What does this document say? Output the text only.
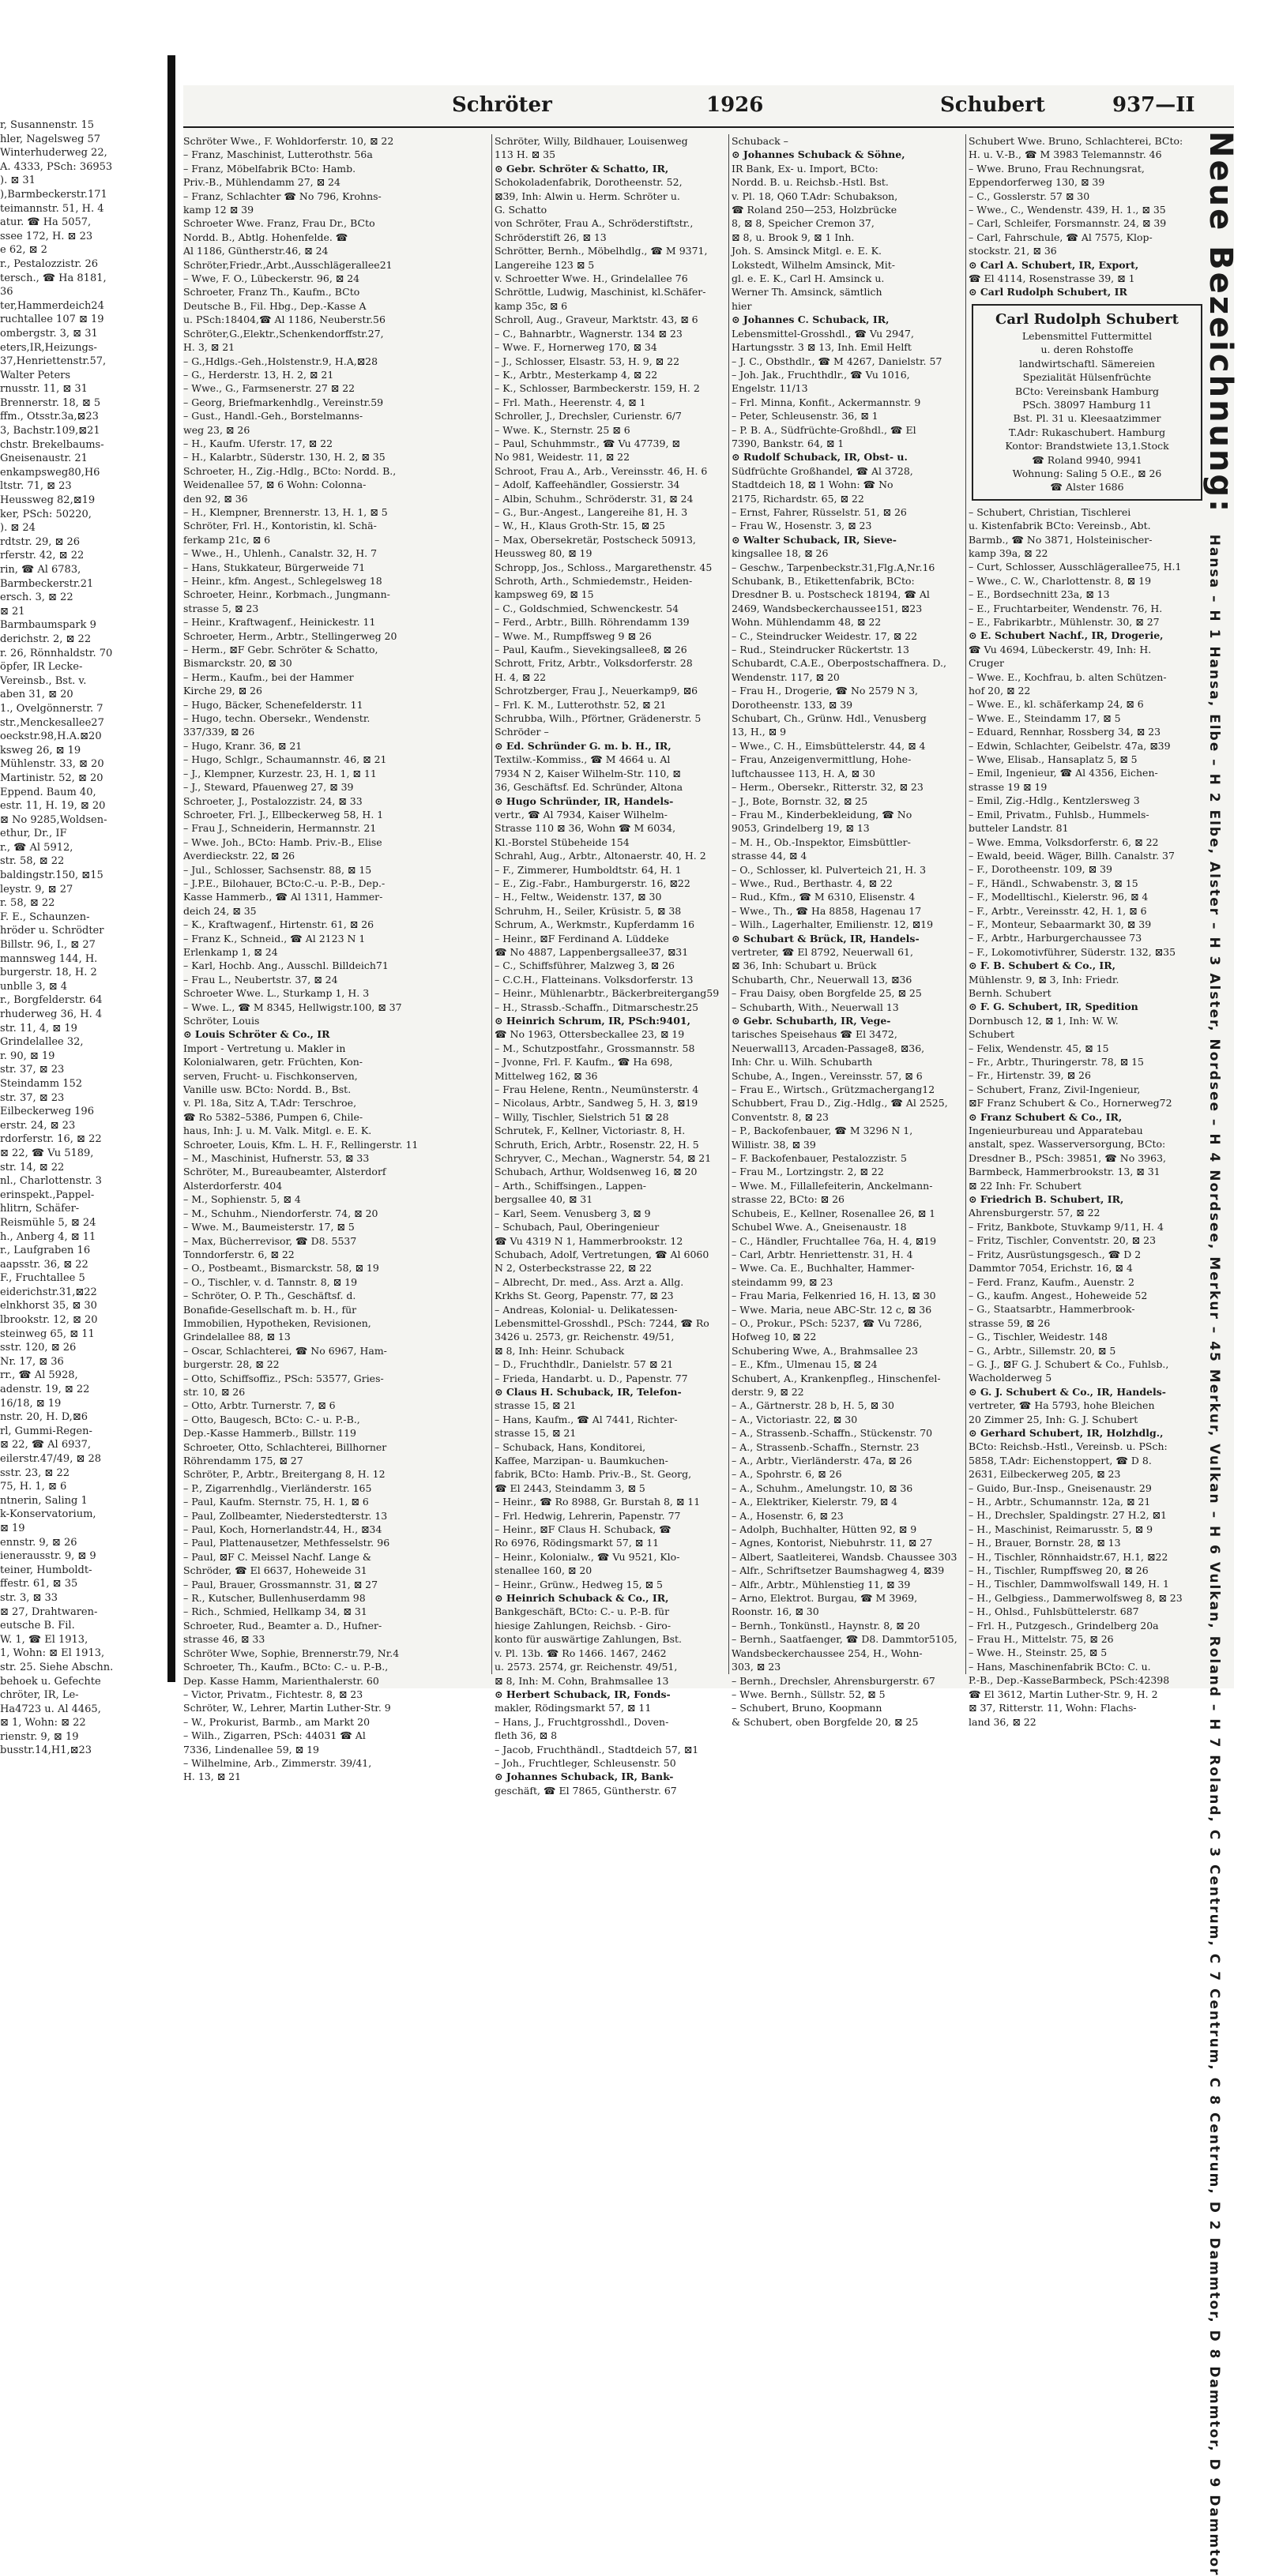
r, Susannenstr. 15
hler, Nagelsweg 57
Winterhuderweg 22,
A. 4333, PSch: 36953
). ⊠ 31
),Barmbeckerstr.171
teimannstr. 51, H. 4
atur. ☎ Ha 5057,
ssee 172, H. ⊠ 23
e 62, ⊠ 2
r., Pestalozzistr. 26
tersch., ☎ Ha 8181,
36
ter,Hammerdeich24
ruchtallee 107 ⊠ 19
ombergstr. 3, ⊠ 31
eters,IR,Heizungs-
37,Henriettenstr.57,
Walter Peters
rnusstr. 11, ⊠ 31
Brennerstr. 18, ⊠ 5
ffm., Otsstr.3a,⊠23
3, Bachstr.109,⊠21
chstr. Brekelbaums-
Gneisenaustr. 21
enkampsweg80,H6
ltstr. 71, ⊠ 23
Heussweg 82,⊠19
ker, PSch: 50220,
). ⊠ 24
rdtstr. 29, ⊠ 26
rferstr. 42, ⊠ 22
rin, ☎ Al 6783,
Barmbeckerstr.21
ersch. 3, ⊠ 22
⊠ 21
Barmbaumspark 9
derichstr. 2, ⊠ 22
r. 26, Rönnhaldstr. 70
öpfer, IR Lecke-
Vereinsb., Bst. v.
aben 31, ⊠ 20
1., Ovelgönnerstr. 7
str.,Menckesallee27
oeckstr.98,H.A.⊠20
ksweg 26, ⊠ 19
Mühlenstr. 33, ⊠ 20
Martinistr. 52, ⊠ 20
Eppend. Baum 40,
estr. 11, H. 19, ⊠ 20
⊠ No 9285,Woldsen-
ethur, Dr., IF
r., ☎ Al 5912,
str. 58, ⊠ 22
baldingstr.150, ⊠15
leystr. 9, ⊠ 27
r. 58, ⊠ 22
F. E., Schaunzen-
hröder u. Schrödter
Billstr. 96, I., ⊠ 27
mannsweg 144, H.
burgerstr. 18, H. 2
unblle 3, ⊠ 4
r., Borgfelderstr. 64
rhuderweg 36, H. 4
str. 11, 4, ⊠ 19
Grindelallee 32,
r. 90, ⊠ 19
str. 37, ⊠ 23
Steindamm 152
str. 37, ⊠ 23
Eilbeckerweg 196
erstr. 24, ⊠ 23
rdorferstr. 16, ⊠ 22
⊠ 22, ☎ Vu 5189,
str. 14, ⊠ 22
nl., Charlottenstr. 3
erinspekt.,Pappel-
hlitrn, Schäfer-
Reismühle 5, ⊠ 24
h., Anberg 4, ⊠ 11
r., Laufgraben 16
aapsstr. 36, ⊠ 22
F., Fruchtallee 5
eiderichstr.31,⊠22
elnkhorst 35, ⊠ 30
lbrookstr. 12, ⊠ 20
steinweg 65, ⊠ 11
sstr. 120, ⊠ 26
Nr. 17, ⊠ 36
rr., ☎ Al 5928,
adenstr. 19, ⊠ 22
16/18, ⊠ 19
nstr. 20, H. D,⊠6
rl, Gummi-Regen-
⊠ 22, ☎ Al 6937,
eilerstr.47/49, ⊠ 28
sstr. 23, ⊠ 22
75, H. 1, ⊠ 6
ntnerin, Saling 1
k-Konservatorium,
⊠ 19
ennstr. 9, ⊠ 26
ienerausstr. 9, ⊠ 9
teiner, Humboldt-
ffestr. 61, ⊠ 35
str. 3, ⊠ 33
⊠ 27, Drahtwaren-
eutsche B. Fil.
W. 1, ☎ El 1913,
1, Wohn: ⊠ El 1913,
str. 25. Siehe Abschn.
behoek u. Gefechte
chröter, IR, Le-
Ha4723 u. Al 4465,
⊠ 1, Wohn: ⊠ 22
rienstr. 9, ⊠ 19
busstr.14,H1,⊠23
Schröter	1926	Schubert	937—II
Schröter Wwe., F. Wohldorferstr. 10, ⊠ 22
– Franz, Maschinist, Lutterothstr. 56a
– Franz, Möbelfabrik BCto: Hamb.
Priv.-B., Mühlendamm 27, ⊠ 24
– Franz, Schlachter ☎ No 796, Krohns-
kamp 12 ⊠ 39
Schroeter Wwe. Franz, Frau Dr., BCto
Nordd. B., Abtlg. Hohenfelde. ☎
Al 1186, Güntherstr.46, ⊠ 24
Schröter,Friedr.,Arbt.,Ausschlägerallee21
– Wwe, F. O., Lübeckerstr. 96, ⊠ 24
Schroeter, Franz Th., Kaufm., BCto
Deutsche B., Fil. Hbg., Dep.-Kasse A
u. PSch:18404,☎ Al 1186, Neuberstr.56
Schröter,G.,Elektr.,Schenkendorffstr.27,
H. 3, ⊠ 21
– G.,Hdlgs.-Geh.,Holstenstr.9, H.A,⊠28
– G., Herderstr. 13, H. 2, ⊠ 21
– Wwe., G., Farmsenerstr. 27 ⊠ 22
– Georg, Briefmarkenhdlg., Vereinstr.59
– Gust., Handl.-Geh., Borstelmanns-
weg 23, ⊠ 26
– H., Kaufm. Uferstr. 17, ⊠ 22
– H., Kalarbtr., Süderstr. 130, H. 2, ⊠ 35
Schroeter, H., Zig.-Hdlg., BCto: Nordd. B.,
Weidenallee 57, ⊠ 6 Wohn: Colonna-
den 92, ⊠ 36
– H., Klempner, Brennerstr. 13, H. 1, ⊠ 5
Schröter, Frl. H., Kontoristin, kl. Schä-
ferkamp 21c, ⊠ 6
– Wwe., H., Uhlenh., Canalstr. 32, H. 7
– Hans, Stukkateur, Bürgerweide 71
– Heinr., kfm. Angest., Schlegelsweg 18
Schroeter, Heinr., Korbmach., Jungmann-
strasse 5, ⊠ 23
– Heinr., Kraftwagenf., Heinickestr. 11
Schroeter, Herm., Arbtr., Stellingerweg 20
– Herm., ⊠F Gebr. Schröter & Schatto,
Bismarckstr. 20, ⊠ 30
– Herm., Kaufm., bei der Hammer
Kirche 29, ⊠ 26
– Hugo, Bäcker, Schenefelderstr. 11
– Hugo, techn. Obersekr., Wendenstr.
337/339, ⊠ 26
– Hugo, Kranr. 36, ⊠ 21
– Hugo, Schlgr., Schaumannstr. 46, ⊠ 21
– J., Klempner, Kurzestr. 23, H. 1, ⊠ 11
– J., Steward, Pfauenweg 27, ⊠ 39
Schroeter, J., Postalozzistr. 24, ⊠ 33
Schroeter, Frl. J., Ellbeckerweg 58, H. 1
– Frau J., Schneiderin, Hermannstr. 21
– Wwe. Joh., BCto: Hamb. Priv.-B., Elise
Averdieckstr. 22, ⊠ 26
– Jul., Schlosser, Sachsenstr. 88, ⊠ 15
– J.P.E., Bilohauer, BCto:C.-u. P.-B., Dep.-
Kasse Hammerb., ☎ Al 1311, Hammer-
deich 24, ⊠ 35
– K., Kraftwagenf., Hirtenstr. 61, ⊠ 26
– Franz K., Schneid., ☎ Al 2123 N 1
Erlenkamp 1, ⊠ 24
– Karl, Hochb. Ang., Ausschl. Billdeich71
– Frau L., Neubertstr. 37, ⊠ 24
Schroeter Wwe. L., Sturkamp 1, H. 3
– Wwe. L., ☎ M 8345, Hellwigstr.100, ⊠ 37
Schröter, Louis
⊙ Louis Schröter & Co., IR
Import - Vertretung u. Makler in
Kolonialwaren, getr. Früchten, Kon-
serven, Frucht- u. Fischkonserven,
Vanille usw. BCto: Nordd. B., Bst.
v. Pl. 18a, Sitz A, T.Adr: Terschroe,
☎ Ro 5382–5386, Pumpen 6, Chile-
haus, Inh: J. u. M. Valk. Mitgl. e. E. K.
Schroeter, Louis, Kfm. L. H. F., Rellingerstr. 11
– M., Maschinist, Hufnerstr. 53, ⊠ 33
Schröter, M., Bureaubeamter, Alsterdorf
Alsterdorferstr. 404
– M., Sophienstr. 5, ⊠ 4
– M., Schuhm., Niendorferstr. 74, ⊠ 20
– Wwe. M., Baumeisterstr. 17, ⊠ 5
– Max, Bücherrevisor, ☎ D8. 5537
Tonndorferstr. 6, ⊠ 22
– O., Postbeamt., Bismarckstr. 58, ⊠ 19
– O., Tischler, v. d. Tannstr. 8, ⊠ 19
– Schröter, O. P. Th., Geschäftsf. d.
Bonafide-Gesellschaft m. b. H., für
Immobilien, Hypotheken, Revisionen,
Grindelallee 88, ⊠ 13
– Oscar, Schlachterei, ☎ No 6967, Ham-
burgerstr. 28, ⊠ 22
– Otto, Schiffsoffiz., PSch: 53577, Gries-
str. 10, ⊠ 26
– Otto, Arbtr. Turnerstr. 7, ⊠ 6
– Otto, Baugesch, BCto: C.- u. P.-B.,
Dep.-Kasse Hammerb., Billstr. 119
Schroeter, Otto, Schlachterei, Billhorner
Röhrendamm 175, ⊠ 27
Schröter, P., Arbtr., Breitergang 8, H. 12
– P., Zigarrenhdlg., Vierländerstr. 165
– Paul, Kaufm. Sternstr. 75, H. 1, ⊠ 6
– Paul, Zollbeamter, Niederstedterstr. 13
– Paul, Koch, Hornerlandstr.44, H., ⊠34
– Paul, Plattenausetzer, Methfesselstr. 96
– Paul, ⊠F C. Meissel Nachf. Lange &
Schröder, ☎ El 6637, Hoheweide 31
– Paul, Brauer, Grossmannstr. 31, ⊠ 27
– R., Kutscher, Bullenhuserdamm 98
– Rich., Schmied, Hellkamp 34, ⊠ 31
Schroeter, Rud., Beamter a. D., Hufner-
strasse 46, ⊠ 33
Schröter Wwe, Sophie, Brennerstr.79, Nr.4
Schroeter, Th., Kaufm., BCto: C.- u. P.-B.,
Dep. Kasse Hamm, Marienthalerstr. 60
– Victor, Privatm., Fichtestr. 8, ⊠ 23
Schröter, W., Lehrer, Martin Luther-Str. 9
– W., Prokurist, Barmb., am Markt 20
– Wilh., Zigarren, PSch: 44031 ☎ Al
7336, Lindenallee 59, ⊠ 19
– Wilhelmine, Arb., Zimmerstr. 39/41,
H. 13, ⊠ 21
Schröter, Willy, Bildhauer, Louisenweg
113 H. ⊠ 35
⊙ Gebr. Schröter & Schatto, IR,
Schokoladenfabrik, Dorotheenstr. 52,
⊠39, Inh: Alwin u. Herm. Schröter u.
G. Schatto
von Schröter, Frau A., Schröderstiftstr.,
Schröderstift 26, ⊠ 13
Schrötter, Bernh., Möbelhdlg., ☎ M 9371,
Langereihe 123 ⊠ 5
v. Schroetter Wwe. H., Grindelallee 76
Schröttle, Ludwig, Maschinist, kl.Schäfer-
kamp 35c, ⊠ 6
Schroll, Aug., Graveur, Marktstr. 43, ⊠ 6
– C., Bahnarbtr., Wagnerstr. 134 ⊠ 23
– Wwe. F., Hornerweg 170, ⊠ 34
– J., Schlosser, Elsastr. 53, H. 9, ⊠ 22
– K., Arbtr., Mesterkamp 4, ⊠ 22
– K., Schlosser, Barmbeckerstr. 159, H. 2
– Frl. Math., Heerenstr. 4, ⊠ 1
Schroller, J., Drechsler, Curienstr. 6/7
– Wwe. K., Sternstr. 25 ⊠ 6
– Paul, Schuhmmstr., ☎ Vu 47739, ⊠
No 981, Weidestr. 11, ⊠ 22
Schroot, Frau A., Arb., Vereinsstr. 46, H. 6
– Adolf, Kaffeehändler, Gossierstr. 34
– Albin, Schuhm., Schröderstr. 31, ⊠ 24
– G., Bur.-Angest., Langereihe 81, H. 3
– W., H., Klaus Groth-Str. 15, ⊠ 25
– Max, Obersekretär, Postscheck 50913,
Heussweg 80, ⊠ 19
Schropp, Jos., Schloss., Margarethenstr. 45
Schroth, Arth., Schmiedemstr., Heiden-
kampsweg 69, ⊠ 15
– C., Goldschmied, Schwenckestr. 54
– Ferd., Arbtr., Billh. Röhrendamm 139
– Wwe. M., Rumpffsweg 9 ⊠ 26
– Paul, Kaufm., Sievekingsallee8, ⊠ 26
Schrott, Fritz, Arbtr., Volksdorferstr. 28
H. 4, ⊠ 22
Schrotzberger, Frau J., Neuerkamp9, ⊠6
– Frl. K. M., Lutterothstr. 52, ⊠ 21
Schrubba, Wilh., Pförtner, Grädenerstr. 5
Schröder –
⊙ Ed. Schründer G. m. b. H., IR,
Textilw.-Kommiss., ☎ M 4664 u. Al
7934 N 2, Kaiser Wilhelm-Str. 110, ⊠
36, Geschäftsf. Ed. Schründer, Altona
⊙ Hugo Schründer, IR, Handels-
vertr., ☎ Al 7934, Kaiser Wilhelm-
Strasse 110 ⊠ 36, Wohn ☎ M 6034,
Kl.-Borstel Stübeheide 154
Schrahl, Aug., Arbtr., Altonaerstr. 40, H. 2
– F., Zimmerer, Humboldtstr. 64, H. 1
– E., Zig.-Fabr., Hamburgerstr. 16, ⊠22
– H., Feltw., Weidenstr. 137, ⊠ 30
Schruhm, H., Seiler, Krüsistr. 5, ⊠ 38
Schrum, A., Werkmstr., Kupferdamm 16
– Heinr., ⊠F Ferdinand A. Lüddeke
☎ No 4887, Lappenbergsallee37, ⊠31
– C., Schiffsführer, Malzweg 3, ⊠ 26
– C.C.H., Flatteinans. Volksdorferstr. 13
– Heinr., Mühlenarbtr., Bäckerbreitergang59
– H., Strassb.-Schaffn., Ditmarschestr.25
⊙ Heinrich Schrum, IR, PSch:9401,
☎ No 1963, Ottersbeckallee 23, ⊠ 19
– M., Schutzpostfahr., Grossmannstr. 58
– Jvonne, Frl. F. Kaufm., ☎ Ha 698,
Mittelweg 162, ⊠ 36
– Frau Helene, Rentn., Neumünsterstr. 4
– Nicolaus, Arbtr., Sandweg 5, H. 3, ⊠19
– Willy, Tischler, Sielstrich 51 ⊠ 28
Schrutek, F., Kellner, Victoriastr. 8, H.
Schruth, Erich, Arbtr., Rosenstr. 22, H. 5
Schryver, C., Mechan., Wagnerstr. 54, ⊠ 21
Schubach, Arthur, Woldsenweg 16, ⊠ 20
– Arth., Schiffsingen., Lappen-
bergsallee 40, ⊠ 31
– Karl, Seem. Venusberg 3, ⊠ 9
– Schubach, Paul, Oberingenieur
☎ Vu 4319 N 1, Hammerbrookstr. 12
Schubach, Adolf, Vertretungen, ☎ Al 6060
N 2, Osterbeckstrasse 22, ⊠ 22
– Albrecht, Dr. med., Ass. Arzt a. Allg.
Krkhs St. Georg, Papenstr. 77, ⊠ 23
– Andreas, Kolonial- u. Delikatessen-
Lebensmittel-Grosshdl., PSch: 7244, ☎ Ro
3426 u. 2573, gr. Reichenstr. 49/51,
⊠ 8, Inh: Heinr. Schuback
– D., Fruchthdlr., Danielstr. 57 ⊠ 21
– Frieda, Handarbt. u. D., Papenstr. 77
⊙ Claus H. Schuback, IR, Telefon-
strasse 15, ⊠ 21
– Hans, Kaufm., ☎ Al 7441, Richter-
strasse 15, ⊠ 21
– Schuback, Hans, Konditorei,
Kaffee, Marzipan- u. Baumkuchen-
fabrik, BCto: Hamb. Priv.-B., St. Georg,
☎ El 2443, Steindamm 3, ⊠ 5
– Heinr., ☎ Ro 8988, Gr. Burstah 8, ⊠ 11
– Frl. Hedwig, Lehrerin, Papenstr. 77
– Heinr., ⊠F Claus H. Schuback, ☎
Ro 6976, Rödingsmarkt 57, ⊠ 11
– Heinr., Kolonialw., ☎ Vu 9521, Klo-
stenallee 160, ⊠ 20
– Heinr., Grünw., Hedweg 15, ⊠ 5
⊙ Heinrich Schuback & Co., IR,
Bankgeschäft, BCto: C.- u. P.-B. für
hiesige Zahlungen, Reichsb. - Giro-
konto für auswärtige Zahlungen, Bst.
v. Pl. 13b. ☎ Ro 1466. 1467, 2462
u. 2573. 2574, gr. Reichenstr. 49/51,
⊠ 8, Inh: M. Cohn, Brahmsallee 13
⊙ Herbert Schuback, IR, Fonds-
makler, Rödingsmarkt 57, ⊠ 11
– Hans, J., Fruchtgrosshdl., Doven-
fleth 36, ⊠ 8
– Jacob, Fruchthändl., Stadtdeich 57, ⊠1
– Joh., Fruchtleger, Schleusenstr. 50
⊙ Johannes Schuback, IR, Bank-
geschäft, ☎ El 7865, Güntherstr. 67
Schuback –
⊙ Johannes Schuback & Söhne,
IR Bank, Ex- u. Import, BCto:
Nordd. B. u. Reichsb.-Hstl. Bst.
v. Pl. 18, Q60 T.Adr: Schubakson,
☎ Roland 250—253, Holzbrücke
8, ⊠ 8, Speicher Cremon 37,
⊠ 8, u. Brook 9, ⊠ 1 Inh.
Joh. S. Amsinck Mitgl. e. E. K.
Lokstedt, Wilhelm Amsinck, Mit-
gl. e. E. K., Carl H. Amsinck u.
Werner Th. Amsinck, sämtlich
hier
⊙ Johannes C. Schuback, IR,
Lebensmittel-Grosshdl., ☎ Vu 2947,
Hartungsstr. 3 ⊠ 13, Inh. Emil Helft
– J. C., Obsthdlr., ☎ M 4267, Danielstr. 57
– Joh. Jak., Fruchthdlr., ☎ Vu 1016,
Engelstr. 11/13
– Frl. Minna, Konfit., Ackermannstr. 9
– Peter, Schleusenstr. 36, ⊠ 1
– P. B. A., Südfrüchte-Großhdl., ☎ El
7390, Bankstr. 64, ⊠ 1
⊙ Rudolf Schuback, IR, Obst- u.
Südfrüchte Großhandel, ☎ Al 3728,
Stadtdeich 18, ⊠ 1 Wohn: ☎ No
2175, Richardstr. 65, ⊠ 22
– Ernst, Fahrer, Rüsselstr. 51, ⊠ 26
– Frau W., Hosenstr. 3, ⊠ 23
⊙ Walter Schuback, IR, Sieve-
kingsallee 18, ⊠ 26
– Geschw., Tarpenbeckstr.31,Flg.A,Nr.16
Schubank, B., Etikettenfabrik, BCto:
Dresdner B. u. Postscheck 18194, ☎ Al
2469, Wandsbeckerchaussee151, ⊠23
Wohn. Mühlendamm 48, ⊠ 22
– C., Steindrucker Weidestr. 17, ⊠ 22
– Rud., Steindrucker Rückertstr. 13
Schubardt, C.A.E., Oberpostschaffnera. D.,
Wendenstr. 117, ⊠ 20
– Frau H., Drogerie, ☎ No 2579 N 3,
Dorotheenstr. 133, ⊠ 39
Schubart, Ch., Grünw. Hdl., Venusberg
13, H., ⊠ 9
– Wwe., C. H., Eimsbüttelerstr. 44, ⊠ 4
– Frau, Anzeigenvermittlung, Hohe-
luftchaussee 113, H. A, ⊠ 30
– Herm., Obersekr., Ritterstr. 32, ⊠ 23
– J., Bote, Bornstr. 32, ⊠ 25
– Frau M., Kinderbekleidung, ☎ No
9053, Grindelberg 19, ⊠ 13
– M. H., Ob.-Inspektor, Eimsbüttler-
strasse 44, ⊠ 4
– O., Schlosser, kl. Pulverteich 21, H. 3
– Wwe., Rud., Berthastr. 4, ⊠ 22
– Rud., Kfm., ☎ M 6310, Elisenstr. 4
– Wwe., Th., ☎ Ha 8858, Hagenau 17
– Wilh., Lagerhalter, Emilienstr. 12, ⊠19
⊙ Schubart & Brück, IR, Handels-
vertreter, ☎ El 8792, Neuerwall 61,
⊠ 36, Inh: Schubart u. Brück
Schubarth, Chr., Neuerwall 13, ⊠36
– Frau Daisy, oben Borgfelde 25, ⊠ 25
– Schubarth, With., Neuerwall 13
⊙ Gebr. Schubarth, IR, Vege-
tarisches Speisehaus ☎ El 3472,
Neuerwall13, Arcaden-Passage8, ⊠36,
Inh: Chr. u. Wilh. Schubarth
Schube, A., Ingen., Vereinsstr. 57, ⊠ 6
– Frau E., Wirtsch., Grützmachergang12
Schubbert, Frau D., Zig.-Hdlg., ☎ Al 2525,
Conventstr. 8, ⊠ 23
– P., Backofenbauer, ☎ M 3296 N 1,
Willistr. 38, ⊠ 39
– F. Backofenbauer, Pestalozzistr. 5
– Frau M., Lortzingstr. 2, ⊠ 22
– Wwe. M., Fillallefeiterin, Anckelmann-
strasse 22, BCto: ⊠ 26
Schubeis, E., Kellner, Rosenallee 26, ⊠ 1
Schubel Wwe. A., Gneisenaustr. 18
– C., Händler, Fruchtallee 76a, H. 4, ⊠19
– Carl, Arbtr. Henriettenstr. 31, H. 4
– Wwe. Ca. E., Buchhalter, Hammer-
steindamm 99, ⊠ 23
– Frau Maria, Felkenried 16, H. 13, ⊠ 30
– Wwe. Maria, neue ABC-Str. 12 c, ⊠ 36
– O., Prokur., PSch: 5237, ☎ Vu 7286,
Hofweg 10, ⊠ 22
Schubering Wwe, A., Brahmsallee 23
– E., Kfm., Ulmenau 15, ⊠ 24
Schubert, A., Krankenpfleg., Hinschenfel-
derstr. 9, ⊠ 22
– A., Gärtnerstr. 28 b, H. 5, ⊠ 30
– A., Victoriastr. 22, ⊠ 30
– A., Strassenb.-Schaffn., Stückenstr. 70
– A., Strassenb.-Schaffn., Sternstr. 23
– A., Arbtr., Vierländerstr. 47a, ⊠ 26
– A., Spohrstr. 6, ⊠ 26
– A., Schuhm., Amelungstr. 10, ⊠ 36
– A., Elektriker, Kielerstr. 79, ⊠ 4
– A., Hosenstr. 6, ⊠ 23
– Adolph, Buchhalter, Hütten 92, ⊠ 9
– Agnes, Kontorist, Niebuhrstr. 11, ⊠ 27
– Albert, Saatleiterei, Wandsb. Chaussee 303
– Alfr., Schriftsetzer Baumshagweg 4, ⊠39
– Alfr., Arbtr., Mühlenstieg 11, ⊠ 39
– Arno, Elektrot. Burgau, ☎ M 3969,
Roonstr. 16, ⊠ 30
– Bernh., Tonkünstl., Haynstr. 8, ⊠ 20
– Bernh., Saatfaenger, ☎ D8. Dammtor5105,
Wandsbeckerchaussee 254, H., Wohn-
303, ⊠ 23
– Bernh., Drechsler, Ahrensburgerstr. 67
– Wwe. Bernh., Süllstr. 52, ⊠ 5
– Schubert, Bruno, Koopmann
& Schubert, oben Borgfelde 20, ⊠ 25
Schubert Wwe. Bruno, Schlachterei, BCto:
H. u. V.-B., ☎ M 3983 Telemannstr. 46
– Wwe. Bruno, Frau Rechnungsrat,
Eppendorferweg 130, ⊠ 39
– C., Gosslerstr. 57 ⊠ 30
– Wwe., C., Wendenstr. 439, H. 1., ⊠ 35
– Carl, Schleifer, Forsmannstr. 24, ⊠ 39
– Carl, Fahrschule, ☎ Al 7575, Klop-
stockstr. 21, ⊠ 36
⊙ Carl A. Schubert, IR, Export,
☎ El 4114, Rosenstrasse 39, ⊠ 1
⊙ Carl Rudolph Schubert, IR
Carl Rudolph Schubert
Lebensmittel Futtermittel
u. deren Rohstoffe
landwirtschaftl. Sämereien
Spezialität Hülsenfrüchte
BCto: Vereinsbank Hamburg
PSch. 38097 Hamburg 11
Bst. Pl. 31 u. Kleesaatzimmer
T.Adr: Rukaschubert. Hamburg
Kontor: Brandstwiete 13,1.Stock
☎ Roland 9940, 9941
Wohnung: Saling 5 O.E., ⊠ 26
☎ Alster 1686
– Schubert, Christian, Tischlerei
u. Kistenfabrik BCto: Vereinsb., Abt.
Barmb., ☎ No 3871, Holsteinischer-
kamp 39a, ⊠ 22
– Curt, Schlosser, Ausschlägerallee75, H.1
– Wwe., C. W., Charlottenstr. 8, ⊠ 19
– E., Bordsechnitt 23a, ⊠ 13
– E., Fruchtarbeiter, Wendenstr. 76, H.
– E., Fabrikarbtr., Mühlenstr. 30, ⊠ 27
⊙ E. Schubert Nachf., IR, Drogerie,
☎ Vu 4694, Lübeckerstr. 49, Inh: H.
Cruger
– Wwe. E., Kochfrau, b. alten Schützen-
hof 20, ⊠ 22
– Wwe. E., kl. schäferkamp 24, ⊠ 6
– Wwe. E., Steindamm 17, ⊠ 5
– Eduard, Rennhar, Rossberg 34, ⊠ 23
– Edwin, Schlachter, Geibelstr. 47a, ⊠39
– Wwe, Elisab., Hansaplatz 5, ⊠ 5
– Emil, Ingenieur, ☎ Al 4356, Eichen-
strasse 19 ⊠ 19
– Emil, Zig.-Hdlg., Kentzlersweg 3
– Emil, Privatm., Fuhlsb., Hummels-
butteler Landstr. 81
– Wwe. Emma, Volksdorferstr. 6, ⊠ 22
– Ewald, beeid. Wäger, Billh. Canalstr. 37
– F., Dorotheenstr. 109, ⊠ 39
– F., Händl., Schwabenstr. 3, ⊠ 15
– F., Modelltischl., Kielerstr. 96, ⊠ 4
– F., Arbtr., Vereinsstr. 42, H. 1, ⊠ 6
– F., Monteur, Sebaarmarkt 30, ⊠ 39
– F., Arbtr., Harburgerchaussee 73
– F., Lokomotivführer, Süderstr. 132, ⊠35
⊙ F. B. Schubert & Co., IR,
Mühlenstr. 9, ⊠ 3, Inh: Friedr.
Bernh. Schubert
⊙ F. G. Schubert, IR, Spedition
Dornbusch 12, ⊠ 1, Inh: W. W.
Schubert
– Felix, Wendenstr. 45, ⊠ 15
– Fr., Arbtr., Thuringerstr. 78, ⊠ 15
– Fr., Hirtenstr. 39, ⊠ 26
– Schubert, Franz, Zivil-Ingenieur,
⊠F Franz Schubert & Co., Hornerweg72
⊙ Franz Schubert & Co., IR,
Ingenieurbureau und Apparatebau
anstalt, spez. Wasserversorgung, BCto:
Dresdner B., PSch: 39851, ☎ No 3963,
Barmbeck, Hammerbrookstr. 13, ⊠ 31
⊠ 22 Inh: Fr. Schubert
⊙ Friedrich B. Schubert, IR,
Ahrensburgerstr. 57, ⊠ 22
– Fritz, Bankbote, Stuvkamp 9/11, H. 4
– Fritz, Tischler, Conventstr. 20, ⊠ 23
– Fritz, Ausrüstungsgesch., ☎ D 2
Dammtor 7054, Erichstr. 16, ⊠ 4
– Ferd. Franz, Kaufm., Auenstr. 2
– G., kaufm. Angest., Hoheweide 52
– G., Staatsarbtr., Hammerbrook-
strasse 59, ⊠ 26
– G., Tischler, Weidestr. 148
– G., Arbtr., Sillemstr. 20, ⊠ 5
– G. J., ⊠F G. J. Schubert & Co., Fuhlsb.,
Wacholderweg 5
⊙ G. J. Schubert & Co., IR, Handels-
vertreter, ☎ Ha 5793, hohe Bleichen
20 Zimmer 25, Inh: G. J. Schubert
⊙ Gerhard Schubert, IR, Holzhdlg.,
BCto: Reichsb.-Hstl., Vereinsb. u. PSch:
5858, T.Adr: Eichenstoppert, ☎ D 8.
2631, Eilbeckerweg 205, ⊠ 23
– Guido, Bur.-Insp., Gneisenaustr. 29
– H., Arbtr., Schumannstr. 12a, ⊠ 21
– H., Drechsler, Spaldingstr. 27 H.2, ⊠1
– H., Maschinist, Reimarusstr. 5, ⊠ 9
– H., Brauer, Bornstr. 28, ⊠ 13
– H., Tischler, Rönnhaidstr.67, H.1, ⊠22
– H., Tischler, Rumpffsweg 20, ⊠ 26
– H., Tischler, Dammwolfswall 149, H. 1
– H., Gelbgiess., Dammerwolfsweg 8, ⊠ 23
– H., Ohlsd., Fuhlsbüttelerstr. 687
– Frl. H., Putzgesch., Grindelberg 20a
– Frau H., Mittelstr. 75, ⊠ 26
– Wwe. H., Steinstr. 25, ⊠ 5
– Hans, Maschinenfabrik BCto: C. u.
P.-B., Dep.-KasseBarmbeck, PSch:42398
☎ El 3612, Martin Luther-Str. 9, H. 2
⊠ 37, Ritterstr. 11, Wohn: Flachs-
land 36, ⊠ 22
Neue Bezeichnung: Hansa – H 1 Hansa, Elbe – H 2 Elbe, Alster – H 3 Alster, Nordsee – H 4 Nordsee, Merkur – 45 Merkur, Vulkan – H 6 Vulkan, Roland – H 7 Roland, C 3 Centrum, C 7 Centrum, C 8 Centrum, D 2 Dammtor, D 8 Dammtor, D 9 Dammtor
